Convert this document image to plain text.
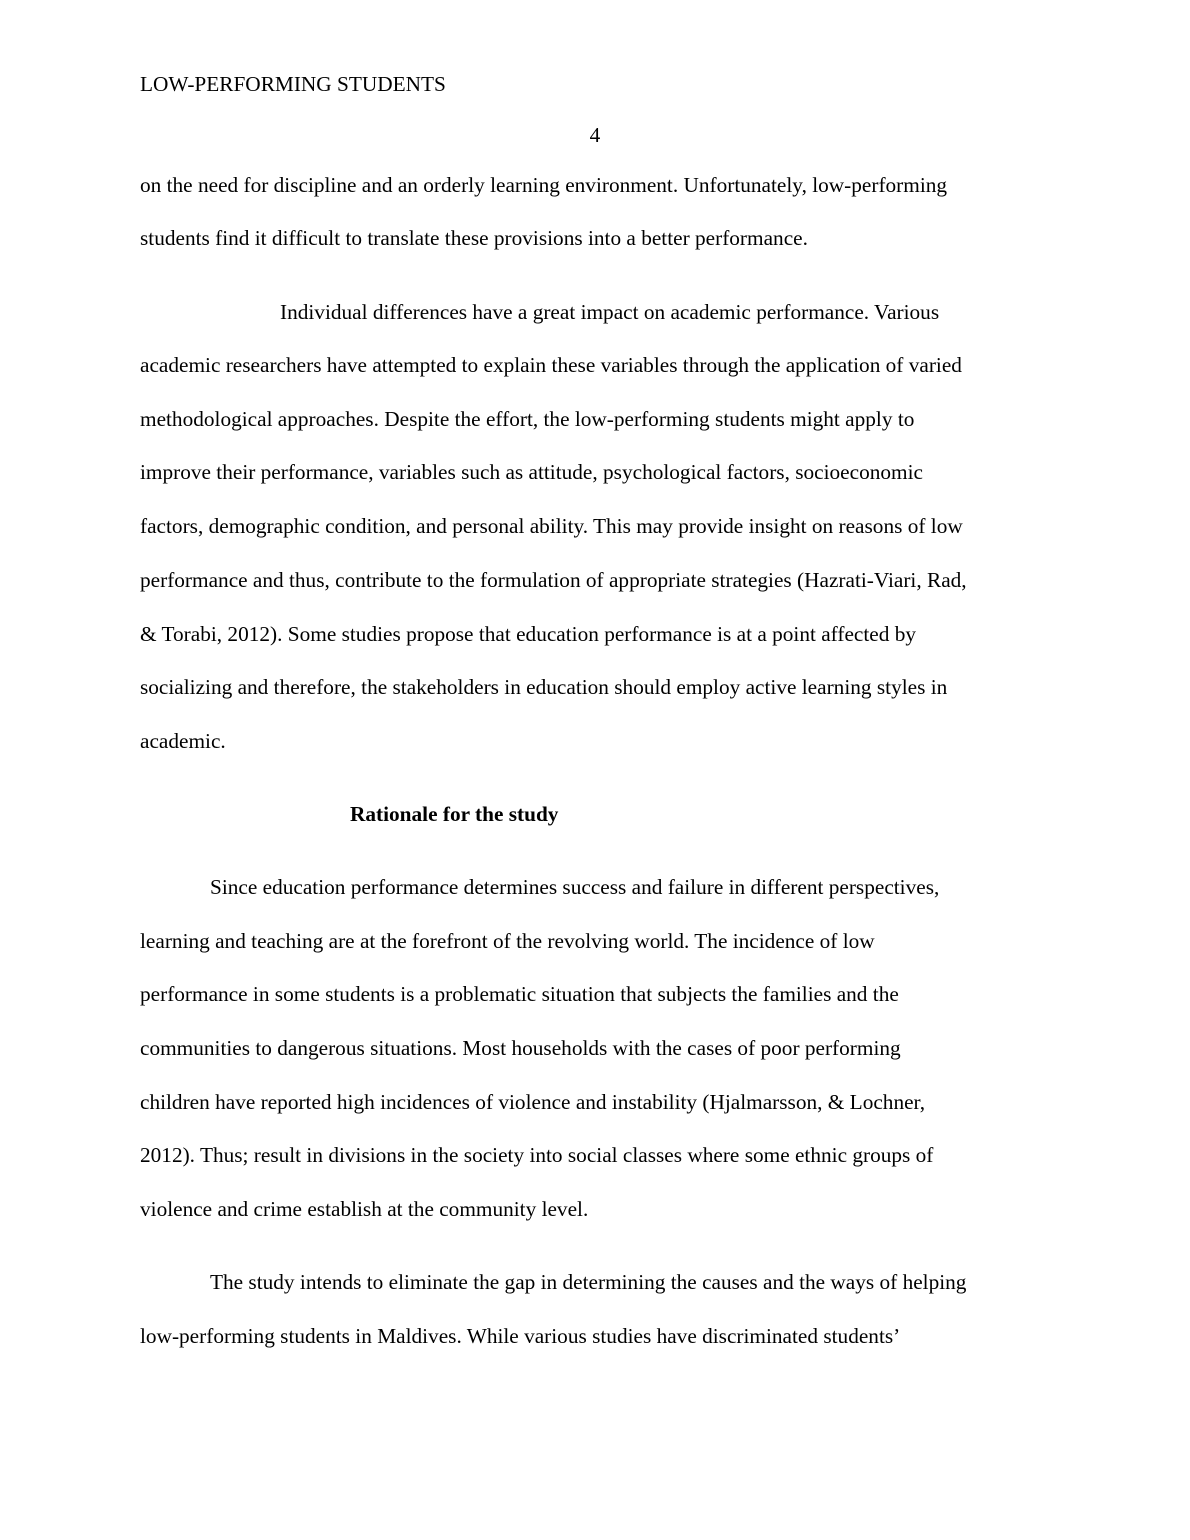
LOW-PERFORMING STUDENTS
4
on the need for discipline and an orderly learning environment. Unfortunately, low-performing
students find it difficult to translate these provisions into a better performance.
Individual differences have a great impact on academic performance. Various
academic researchers have attempted to explain these variables through the application of varied
methodological approaches. Despite the effort, the low-performing students might apply to
improve their performance, variables such as attitude, psychological factors, socioeconomic
factors, demographic condition, and personal ability. This may provide insight on reasons of low
performance and thus, contribute to the formulation of appropriate strategies (Hazrati-Viari, Rad,
& Torabi, 2012). Some studies propose that education performance is at a point affected by
socializing and therefore, the stakeholders in education should employ active learning styles in
academic.
Rationale for the study
Since education performance determines success and failure in different perspectives,
learning and teaching are at the forefront of the revolving world. The incidence of low
performance in some students is a problematic situation that subjects the families and the
communities to dangerous situations. Most households with the cases of poor performing
children have reported high incidences of violence and instability (Hjalmarsson, & Lochner,
2012). Thus; result in divisions in the society into social classes where some ethnic groups of
violence and crime establish at the community level.
The study intends to eliminate the gap in determining the causes and the ways of helping
low-performing students in Maldives. While various studies have discriminated students’
